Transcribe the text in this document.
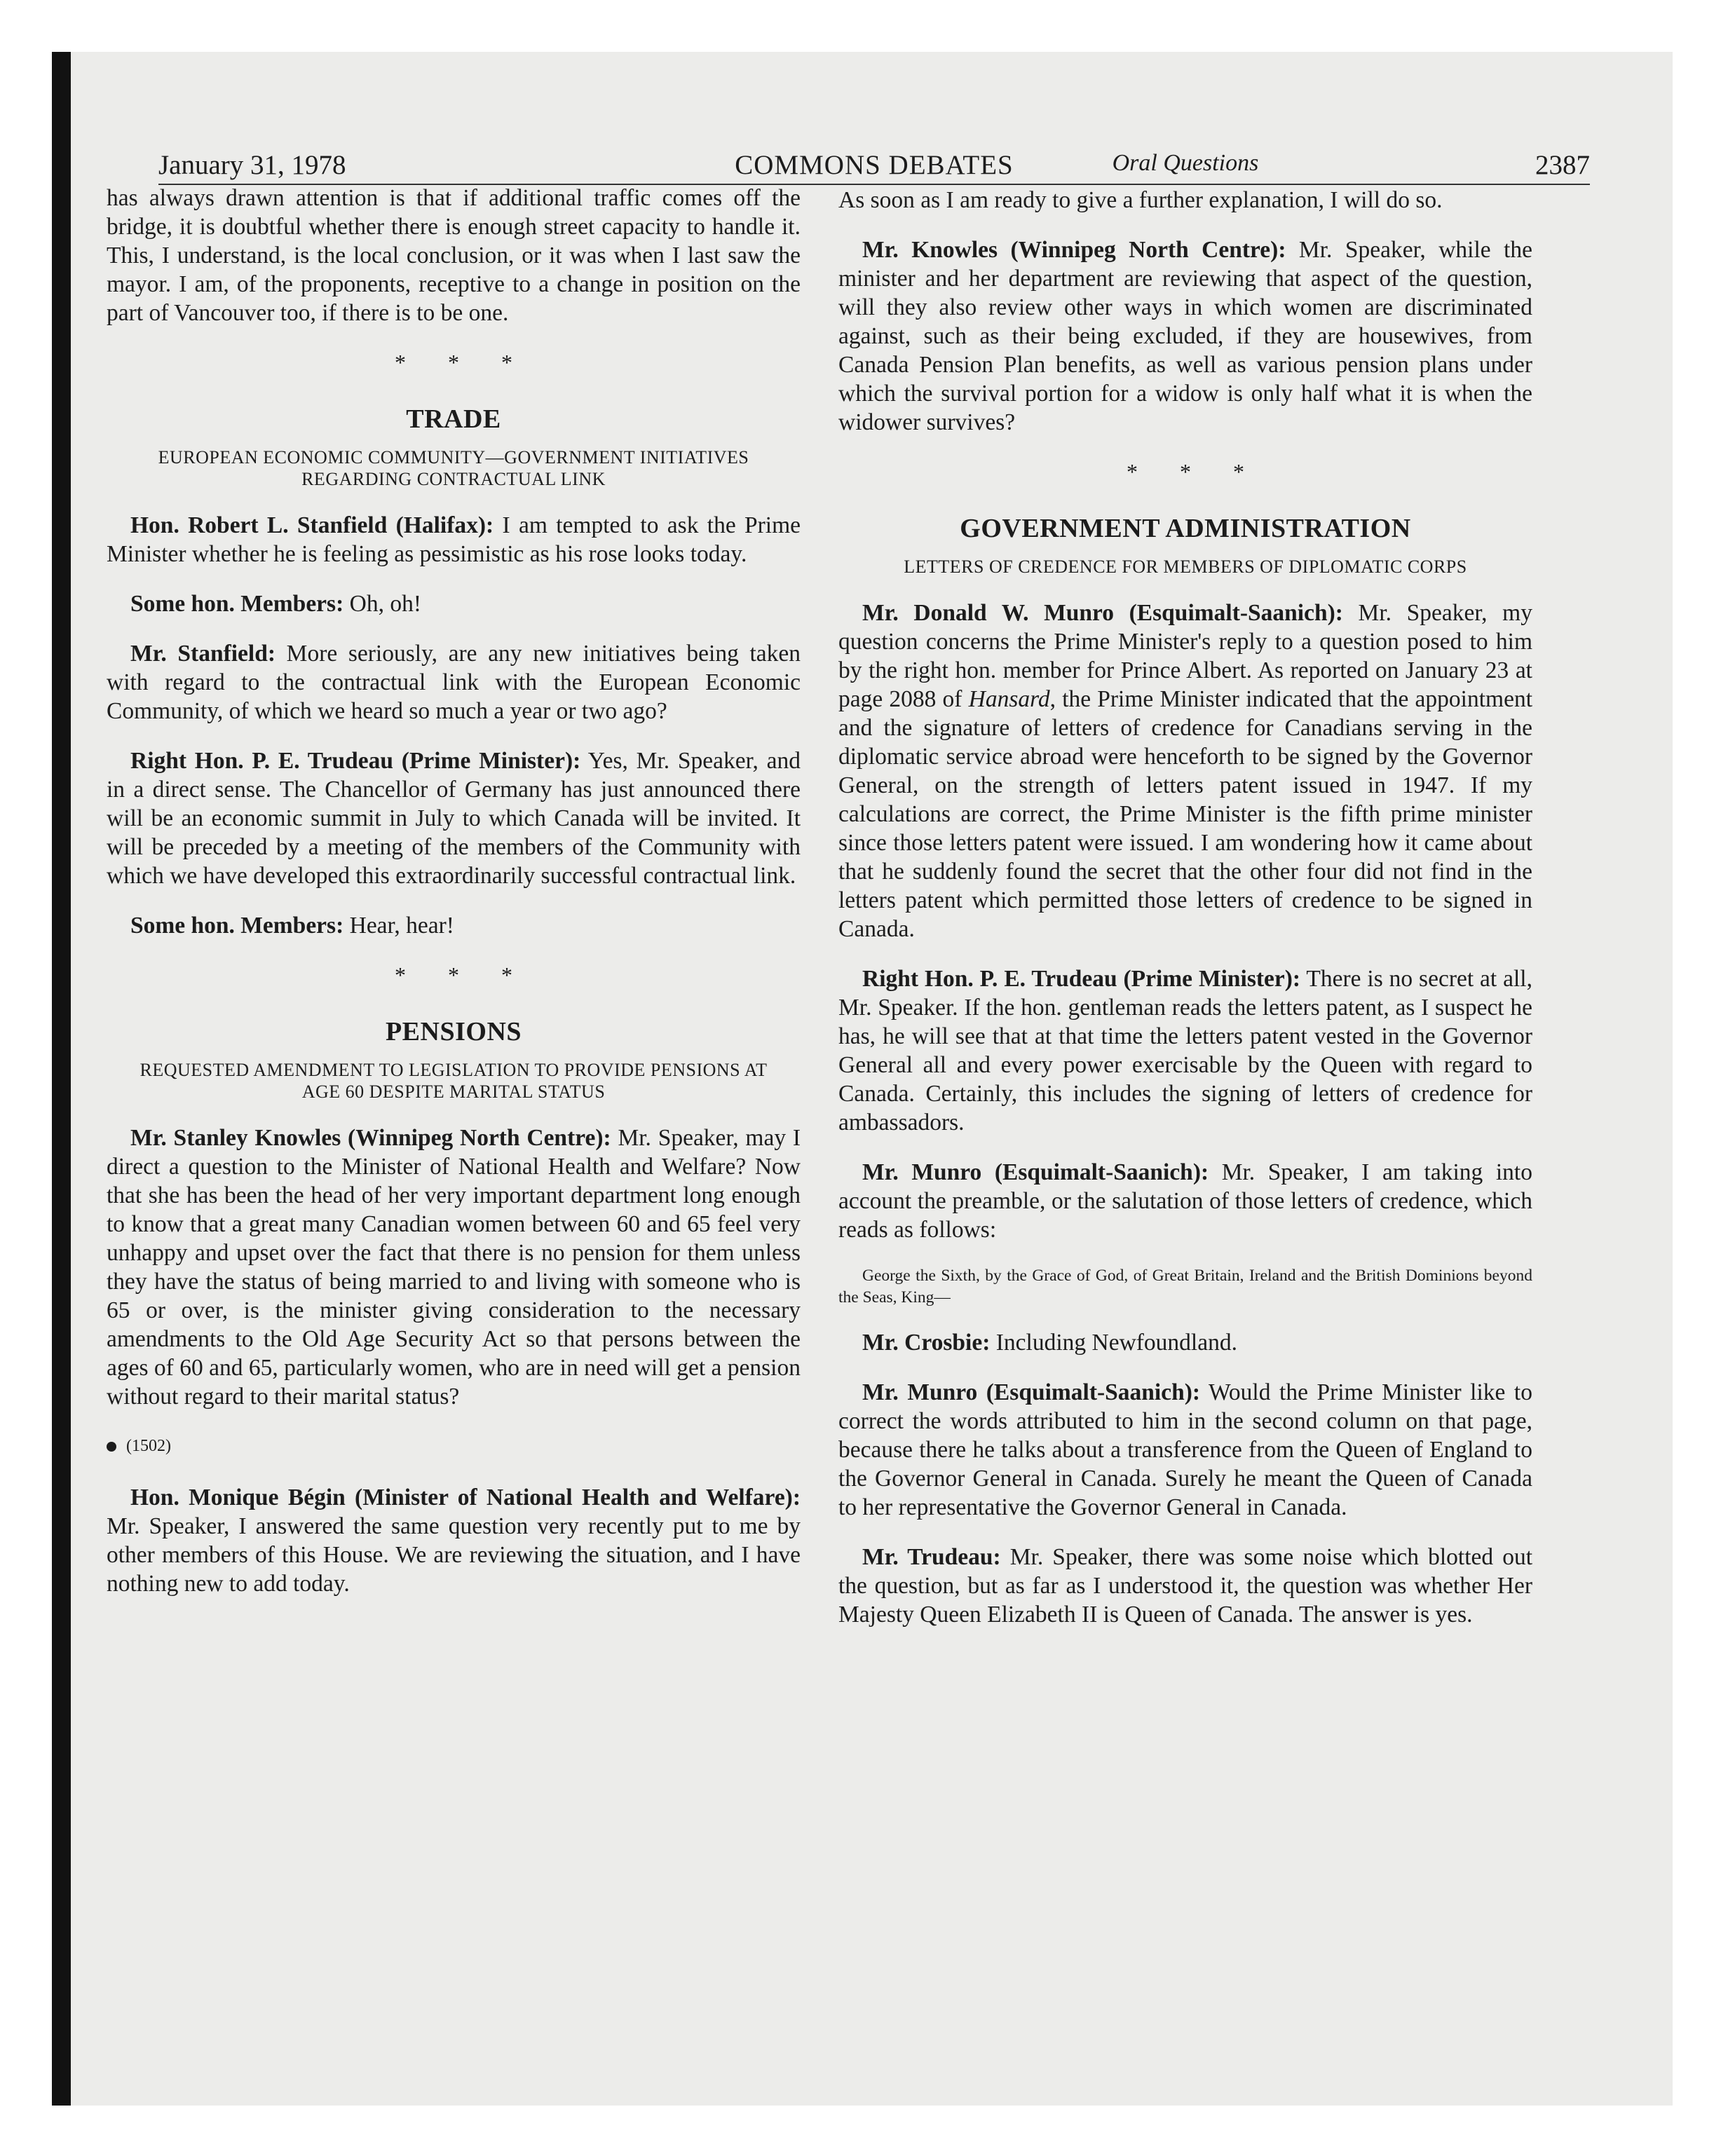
January 31, 1978	COMMONS DEBATES	2387

has always drawn attention is that if additional traffic comes off the bridge, it is doubtful whether there is enough street capacity to handle it. This, I understand, is the local conclusion, or it was when I last saw the mayor. I am, of the proponents, receptive to a change in position on the part of Vancouver too, if there is to be one.

* * *
TRADE
EUROPEAN ECONOMIC COMMUNITY—GOVERNMENT INITIATIVES REGARDING CONTRACTUAL LINK

Hon. Robert L. Stanfield (Halifax): I am tempted to ask the Prime Minister whether he is feeling as pessimistic as his rose looks today.

Some hon. Members: Oh, oh!

Mr. Stanfield: More seriously, are any new initiatives being taken with regard to the contractual link with the European Economic Community, of which we heard so much a year or two ago?

Right Hon. P. E. Trudeau (Prime Minister): Yes, Mr. Speaker, and in a direct sense. The Chancellor of Germany has just announced there will be an economic summit in July to which Canada will be invited. It will be preceded by a meeting of the members of the Community with which we have developed this extraordinarily successful contractual link.

Some hon. Members: Hear, hear!

* * *
PENSIONS
REQUESTED AMENDMENT TO LEGISLATION TO PROVIDE PENSIONS AT AGE 60 DESPITE MARITAL STATUS

Mr. Stanley Knowles (Winnipeg North Centre): Mr. Speaker, may I direct a question to the Minister of National Health and Welfare? Now that she has been the head of her very important department long enough to know that a great many Canadian women between 60 and 65 feel very unhappy and upset over the fact that there is no pension for them unless they have the status of being married to and living with someone who is 65 or over, is the minister giving consideration to the necessary amendments to the Old Age Security Act so that persons between the ages of 60 and 65, particularly women, who are in need will get a pension without regard to their marital status?

(1502)

Hon. Monique Bégin (Minister of National Health and Welfare): Mr. Speaker, I answered the same question very recently put to me by other members of this House. We are reviewing the situation, and I have nothing new to add today.

Oral Questions

As soon as I am ready to give a further explanation, I will do so.

Mr. Knowles (Winnipeg North Centre): Mr. Speaker, while the minister and her department are reviewing that aspect of the question, will they also review other ways in which women are discriminated against, such as their being excluded, if they are housewives, from Canada Pension Plan benefits, as well as various pension plans under which the survival portion for a widow is only half what it is when the widower survives?

* * *
GOVERNMENT ADMINISTRATION
LETTERS OF CREDENCE FOR MEMBERS OF DIPLOMATIC CORPS

Mr. Donald W. Munro (Esquimalt-Saanich): Mr. Speaker, my question concerns the Prime Minister's reply to a question posed to him by the right hon. member for Prince Albert. As reported on January 23 at page 2088 of Hansard, the Prime Minister indicated that the appointment and the signature of letters of credence for Canadians serving in the diplomatic service abroad were henceforth to be signed by the Governor General, on the strength of letters patent issued in 1947. If my calculations are correct, the Prime Minister is the fifth prime minister since those letters patent were issued. I am wondering how it came about that he suddenly found the secret that the other four did not find in the letters patent which permitted those letters of credence to be signed in Canada.

Right Hon. P. E. Trudeau (Prime Minister): There is no secret at all, Mr. Speaker. If the hon. gentleman reads the letters patent, as I suspect he has, he will see that at that time the letters patent vested in the Governor General all and every power exercisable by the Queen with regard to Canada. Certainly, this includes the signing of letters of credence for ambassadors.

Mr. Munro (Esquimalt-Saanich): Mr. Speaker, I am taking into account the preamble, or the salutation of those letters of credence, which reads as follows:

George the Sixth, by the Grace of God, of Great Britain, Ireland and the British Dominions beyond the Seas, King—

Mr. Crosbie: Including Newfoundland.

Mr. Munro (Esquimalt-Saanich): Would the Prime Minister like to correct the words attributed to him in the second column on that page, because there he talks about a transference from the Queen of England to the Governor General in Canada. Surely he meant the Queen of Canada to her representative the Governor General in Canada.

Mr. Trudeau: Mr. Speaker, there was some noise which blotted out the question, but as far as I understood it, the question was whether Her Majesty Queen Elizabeth II is Queen of Canada. The answer is yes.
